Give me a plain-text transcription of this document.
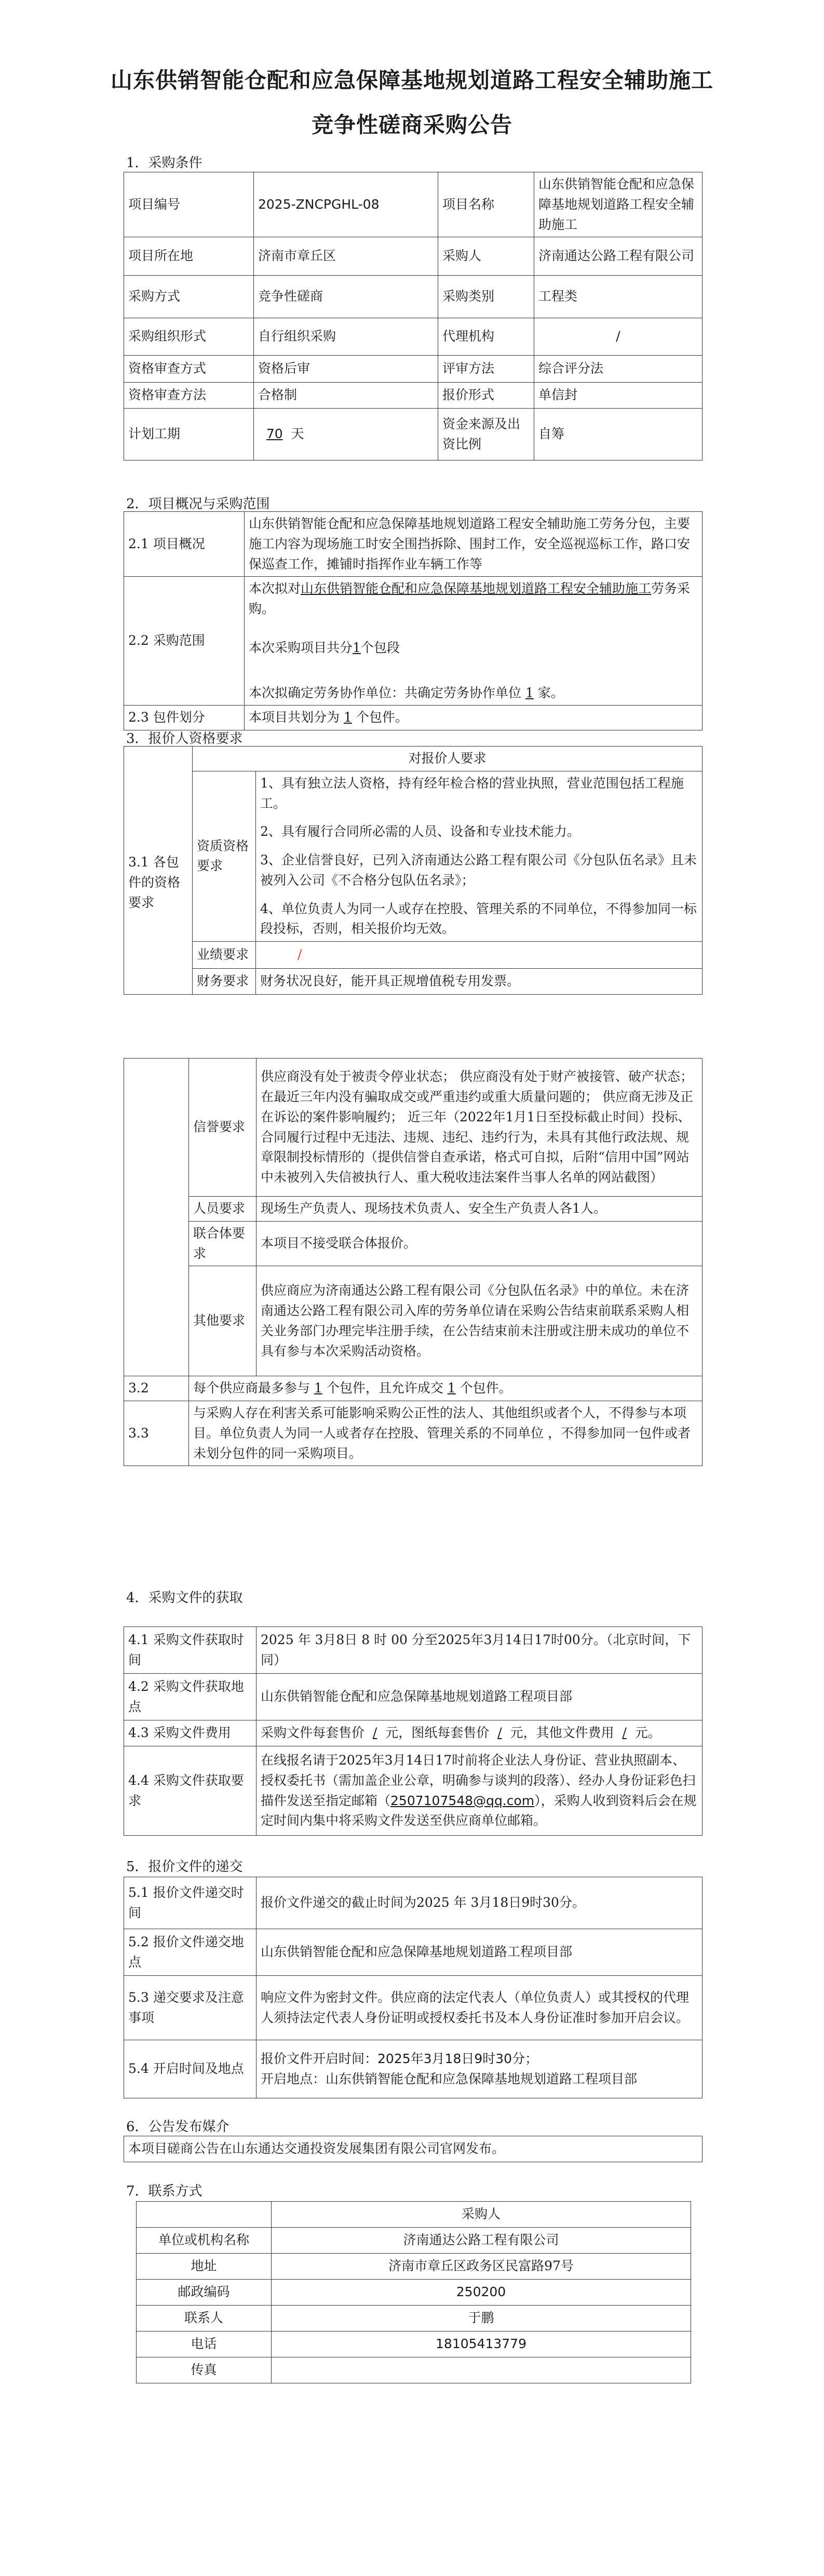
山东供销智能仓配和应急保障基地规划道路工程安全辅助施工
竞争性磋商采购公告
1．采购条件
项目编号	2025-ZNCPGHL-08	项目名称	山东供销智能仓配和应急保障基地规划道路工程安全辅助施工
项目所在地	济南市章丘区	采购人	济南通达公路工程有限公司
采购方式	竞争性磋商	采购类别	工程类
采购组织形式	自行组织采购	代理机构	/
资格审查方式	资格后审	评审方法	综合评分法
资格审查方法	合格制	报价形式	单信封
计划工期	70 天	资金来源及出资比例	自筹
2．项目概况与采购范围
2.1 项目概况	山东供销智能仓配和应急保障基地规划道路工程安全辅助施工劳务分包，主要施工内容为现场施工时安全围挡拆除、围封工作，安全巡视巡标工作，路口安保巡查工作，摊铺时指挥作业车辆工作等
2.2 采购范围	本次拟对山东供销智能仓配和应急保障基地规划道路工程安全辅助施工劳务采购。
本次采购项目共分1个包段
本次拟确定劳务协作单位：共确定劳务协作单位 1 家。

2.3 包件划分	本项目共划分为 1 个包件。
3．报价人资格要求
	对报价人要求	
3.1 各包件的资格要求	资质资格要求	1、具有独立法人资格，持有经年检合格的营业执照，营业范围包括工程施工。
2、具有履行合同所必需的人员、设备和专业技术能力。
3、企业信誉良好，已列入济南通达公路工程有限公司《分包队伍名录》且未被列入公司《不合格分包队伍名录》；
4、单位负责人为同一人或存在控股、管理关系的不同单位，不得参加同一标段投标，否则，相关报价均无效。

	业绩要求	/
	财务要求	财务状况良好，能开具正规增值税专用发票。
	信誉要求	供应商没有处于被责令停业状态； 供应商没有处于财产被接管、破产状态；在最近三年内没有骗取成交或严重违约或重大质量问题的； 供应商无涉及正在诉讼的案件影响履约； 近三年（2022年1月1日至投标截止时间）投标、合同履行过程中无违法、违规、违纪、违约行为，未具有其他行政法规、规章限制投标情形的（提供信誉自查承诺，格式可自拟，后附“信用中国”网站中未被列入失信被执行人、重大税收违法案件当事人名单的网站截图）
	人员要求	现场生产负责人、现场技术负责人、安全生产负责人各1人。
	联合体要求	本项目不接受联合体报价。
	其他要求	供应商应为济南通达公路工程有限公司《分包队伍名录》中的单位。未在济南通达公路工程有限公司入库的劳务单位请在采购公告结束前联系采购人相关业务部门办理完毕注册手续，在公告结束前未注册或注册未成功的单位不具有参与本次采购活动资格。
3.2	每个供应商最多参与 1 个包件，且允许成交 1 个包件。	
3.3	与采购人存在利害关系可能影响采购公正性的法人、其他组织或者个人，不得参与本项目。单位负责人为同一人或者存在控股、管理关系的不同单位 ，不得参加同一包件或者未划分包件的同一采购项目。	
4．采购文件的获取
4.1 采购文件获取时间	2025 年 3月8日 8 时 00 分至2025年3月14日17时00分。（北京时间，下同）
4.2 采购文件获取地点	山东供销智能仓配和应急保障基地规划道路工程项目部
4.3 采购文件费用	采购文件每套售价 / 元，图纸每套售价 / 元，其他文件费用 / 元。
4.4 采购文件获取要求	在线报名请于2025年3月14日17时前将企业法人身份证、营业执照副本、授权委托书（需加盖企业公章，明确参与谈判的段落）、经办人身份证彩色扫描件发送至指定邮箱（2507107548@qq.com），采购人收到资料后会在规定时间内集中将采购文件发送至供应商单位邮箱。
5．报价文件的递交
5.1 报价文件递交时间	报价文件递交的截止时间为2025 年 3月18日9时30分。
5.2 报价文件递交地点	山东供销智能仓配和应急保障基地规划道路工程项目部
5.3 递交要求及注意事项	响应文件为密封文件。供应商的法定代表人（单位负责人）或其授权的代理人须持法定代表人身份证明或授权委托书及本人身份证准时参加开启会议。
5.4 开启时间及地点	报价文件开启时间：2025年3月18日9时30分；
开启地点：山东供销智能仓配和应急保障基地规划道路工程项目部
6．公告发布媒介
本项目磋商公告在山东通达交通投资发展集团有限公司官网发布。
7．联系方式
	采购人
单位或机构名称	济南通达公路工程有限公司
地址	济南市章丘区政务区民富路97号
邮政编码	250200
联系人	于鹏
电话	18105413779
传真	
